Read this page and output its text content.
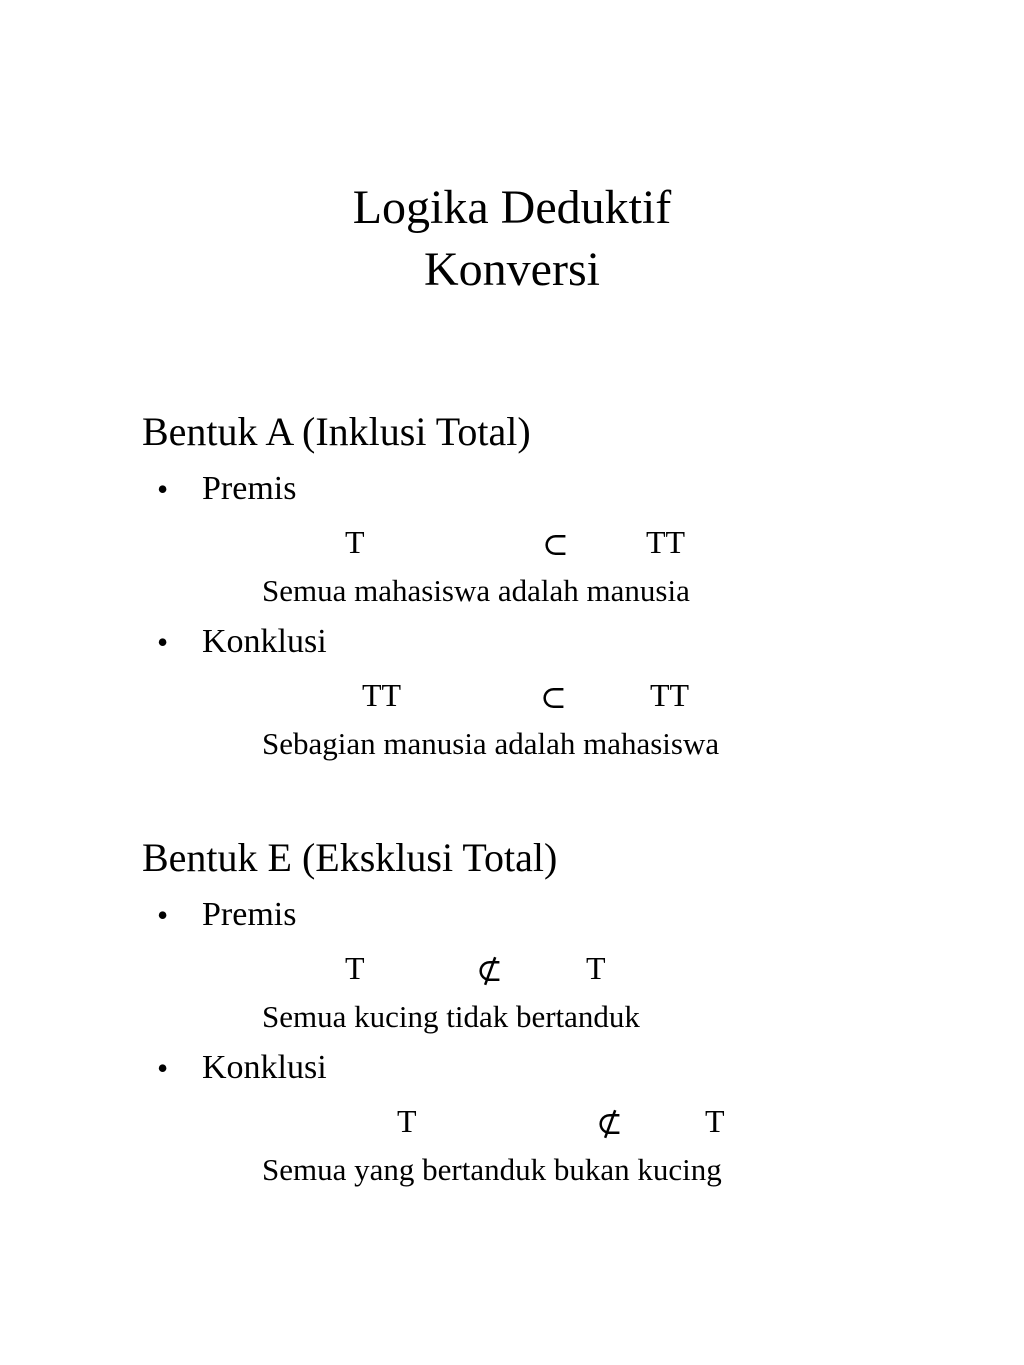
Logika Deduktif
Konversi
Bentuk A (Inklusi Total)
• Premis
T	⊂ TT
Semua mahasiswa adalah manusia
• Konklusi
TT	⊂	TT
Sebagian manusia adalah mahasiswa
Bentuk E (Eksklusi Total)
• Premis
T	⊄	T
Semua kucing tidak bertanduk
• Konklusi
T	⊄	T
Semua yang bertanduk bukan kucing
